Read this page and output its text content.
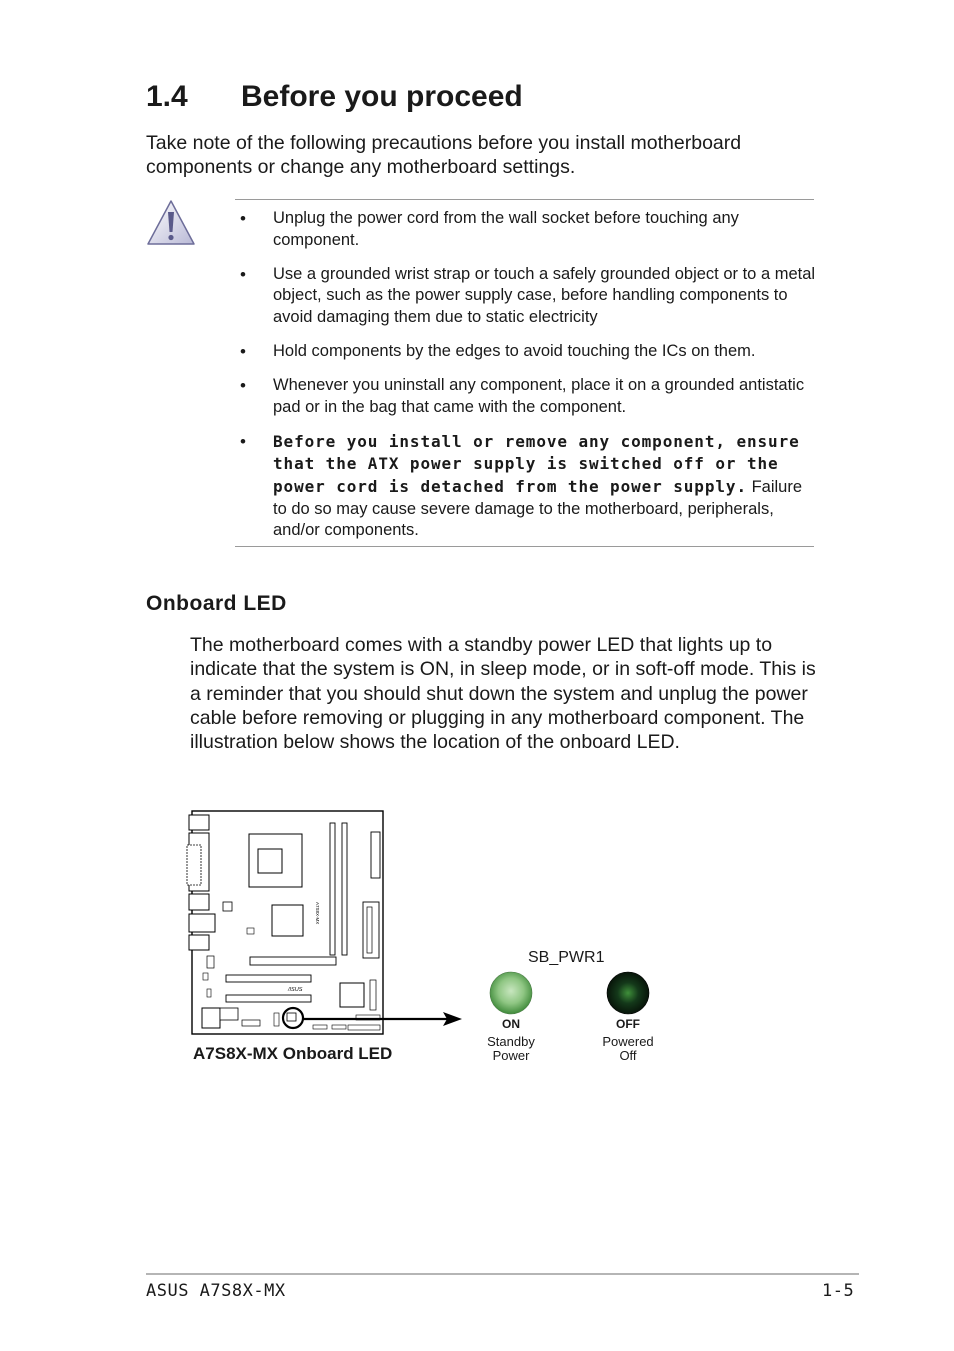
1.4 Before you proceed
Take note of the following precautions before you install motherboard components or change any motherboard settings.
• Unplug the power cord from the wall socket before touching any component.
• Use a grounded wrist strap or touch a safely grounded object or to a metal object, such as the power supply case, before handling components to avoid damaging them due to static electricity
• Hold components by the edges to avoid touching the ICs on them.
• Whenever you uninstall any component, place it on a grounded antistatic pad or in the bag that came with the component.
• Before you install or remove any component, ensure that the ATX power supply is switched off or the power cord is detached from the power supply. Failure to do so may cause severe damage to the motherboard, peripherals, and/or components.
Onboard LED
The motherboard comes with a standby power LED that lights up to indicate that the system is ON, in sleep mode, or in soft-off mode. This is a reminder that you should shut down the system and unplug the power cable before removing or plugging in any motherboard component. The illustration below shows the location of the onboard LED.
/ISUS
A7S8X-MX
SB_PWR1
ON
Standby
Power
OFF
Powered
Off
A7S8X-MX Onboard LED
ASUS A7S8X-MX	1-5
